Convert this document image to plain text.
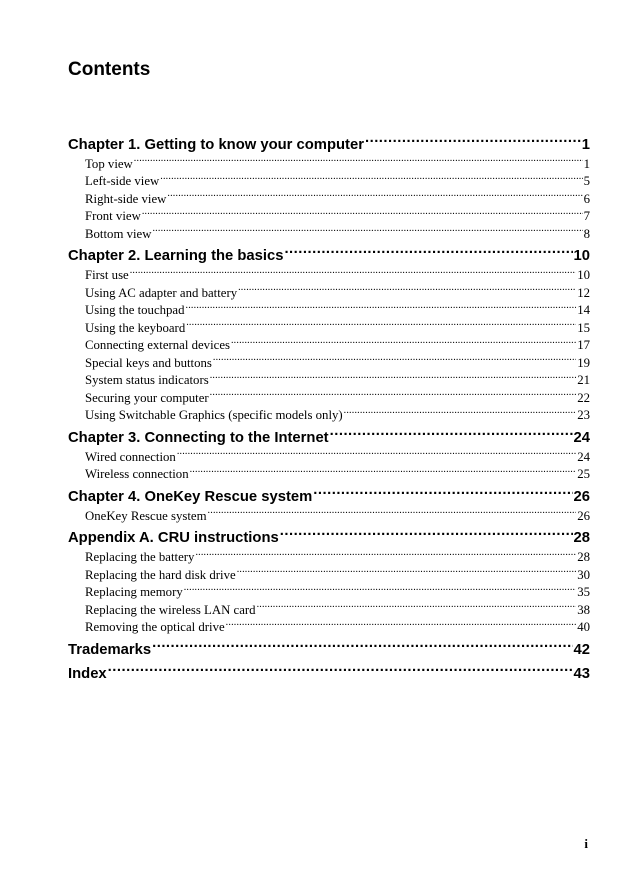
Contents
Chapter 1. Getting to know your computer .....	1
Top view .....	1
Left-side view .....	5
Right-side view .....	6
Front view .....	7
Bottom view .....	8
Chapter 2. Learning the basics .....	10
First use .....	10
Using AC adapter and battery .....	12
Using the touchpad .....	14
Using the keyboard .....	15
Connecting external devices .....	17
Special keys and buttons .....	19
System status indicators .....	21
Securing your computer .....	22
Using Switchable Graphics (specific models only) .....	23
Chapter 3. Connecting to the Internet .....	24
Wired connection .....	24
Wireless connection .....	25
Chapter 4. OneKey Rescue system .....	26
OneKey Rescue system .....	26
Appendix A. CRU instructions .....	28
Replacing the battery .....	28
Replacing the hard disk drive .....	30
Replacing memory .....	35
Replacing the wireless LAN card .....	38
Removing the optical drive .....	40
Trademarks .....	42
Index .....	43
i
